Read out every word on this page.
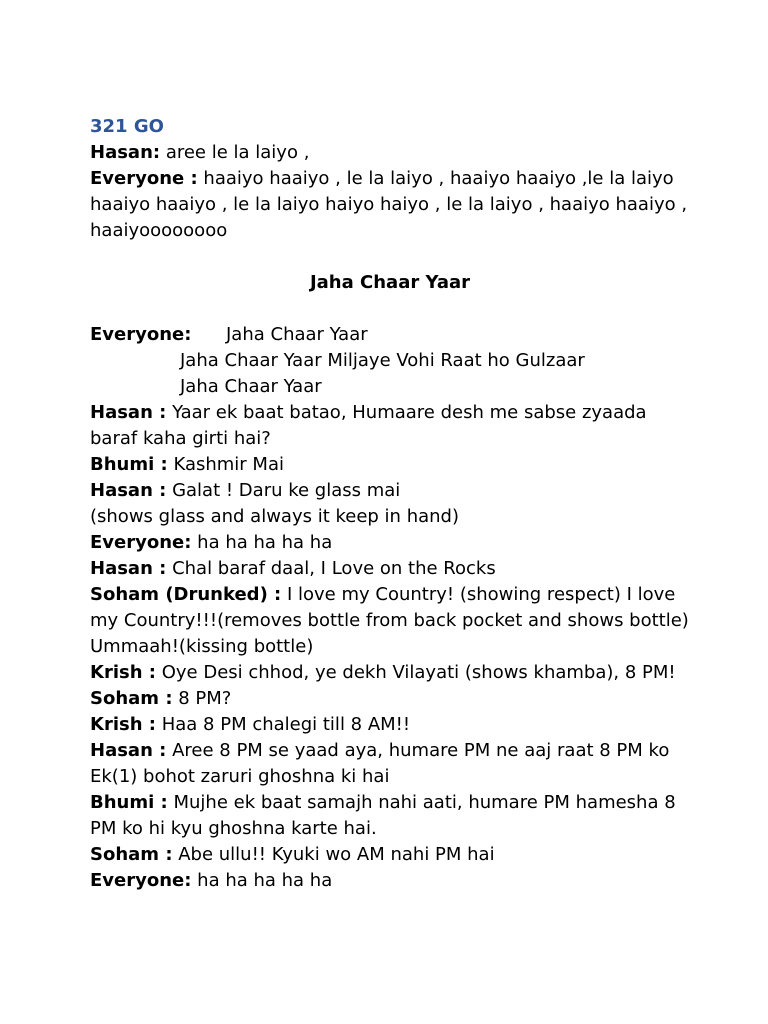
321 GO

Hasan: aree le la laiyo ,

Everyone : haaiyo haaiyo , le la laiyo , haaiyo haaiyo ,le la laiyo haaiyo haaiyo , le la laiyo haiyo haiyo , le la laiyo , haaiyo haaiyo , haaiyoooooooo

Jaha Chaar Yaar

Everyone: Jaha Chaar Yaar

Jaha Chaar Yaar Miljaye Vohi Raat ho Gulzaar

Jaha Chaar Yaar

Hasan : Yaar ek baat batao, Humaare desh me sabse zyaada baraf kaha girti hai?

Bhumi : Kashmir Mai

Hasan : Galat ! Daru ke glass mai

(shows glass and always it keep in hand)

Everyone: ha ha ha ha ha

Hasan : Chal baraf daal, I Love on the Rocks

Soham (Drunked) : I love my Country! (showing respect) I love my Country!!!(removes bottle from back pocket and shows bottle) Ummaah!(kissing bottle)

Krish : Oye Desi chhod, ye dekh Vilayati (shows khamba), 8 PM!

Soham : 8 PM?

Krish : Haa 8 PM chalegi till 8 AM!!

Hasan : Aree 8 PM se yaad aya, humare PM ne aaj raat 8 PM ko Ek(1) bohot zaruri ghoshna ki hai

Bhumi : Mujhe ek baat samajh nahi aati, humare PM hamesha 8 PM ko hi kyu ghoshna karte hai.

Soham : Abe ullu!! Kyuki wo AM nahi PM hai

Everyone: ha ha ha ha ha
